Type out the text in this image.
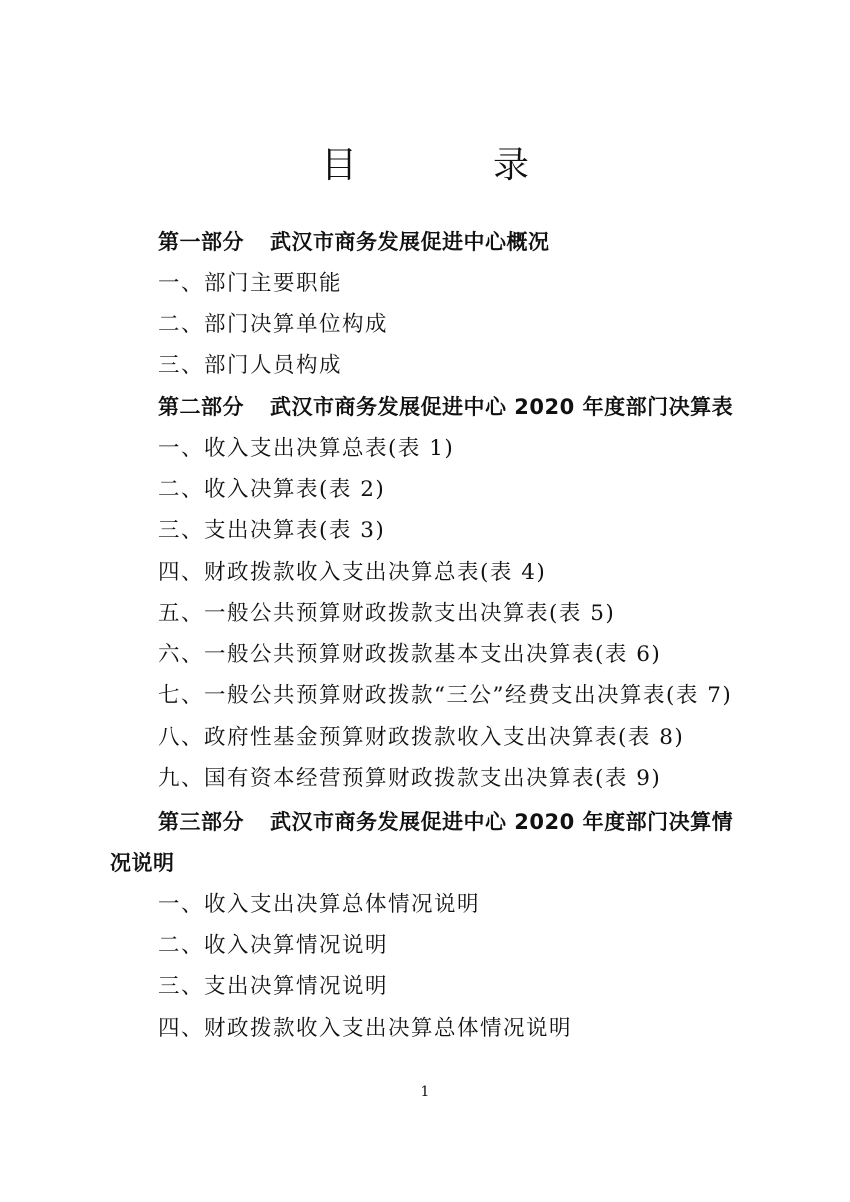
目　录
第一部分 武汉市商务发展促进中心概况
一、部门主要职能
二、部门决算单位构成
三、部门人员构成
第二部分 武汉市商务发展促进中心 2020 年度部门决算表
一、收入支出决算总表(表 1)
二、收入决算表(表 2)
三、支出决算表(表 3)
四、财政拨款收入支出决算总表(表 4)
五、一般公共预算财政拨款支出决算表(表 5)
六、一般公共预算财政拨款基本支出决算表(表 6)
七、一般公共预算财政拨款“三公”经费支出决算表(表 7)
八、政府性基金预算财政拨款收入支出决算表(表 8)
九、国有资本经营预算财政拨款支出决算表(表 9)
第三部分 武汉市商务发展促进中心 2020 年度部门决算情
况说明
一、收入支出决算总体情况说明
二、收入决算情况说明
三、支出决算情况说明
四、财政拨款收入支出决算总体情况说明
1
